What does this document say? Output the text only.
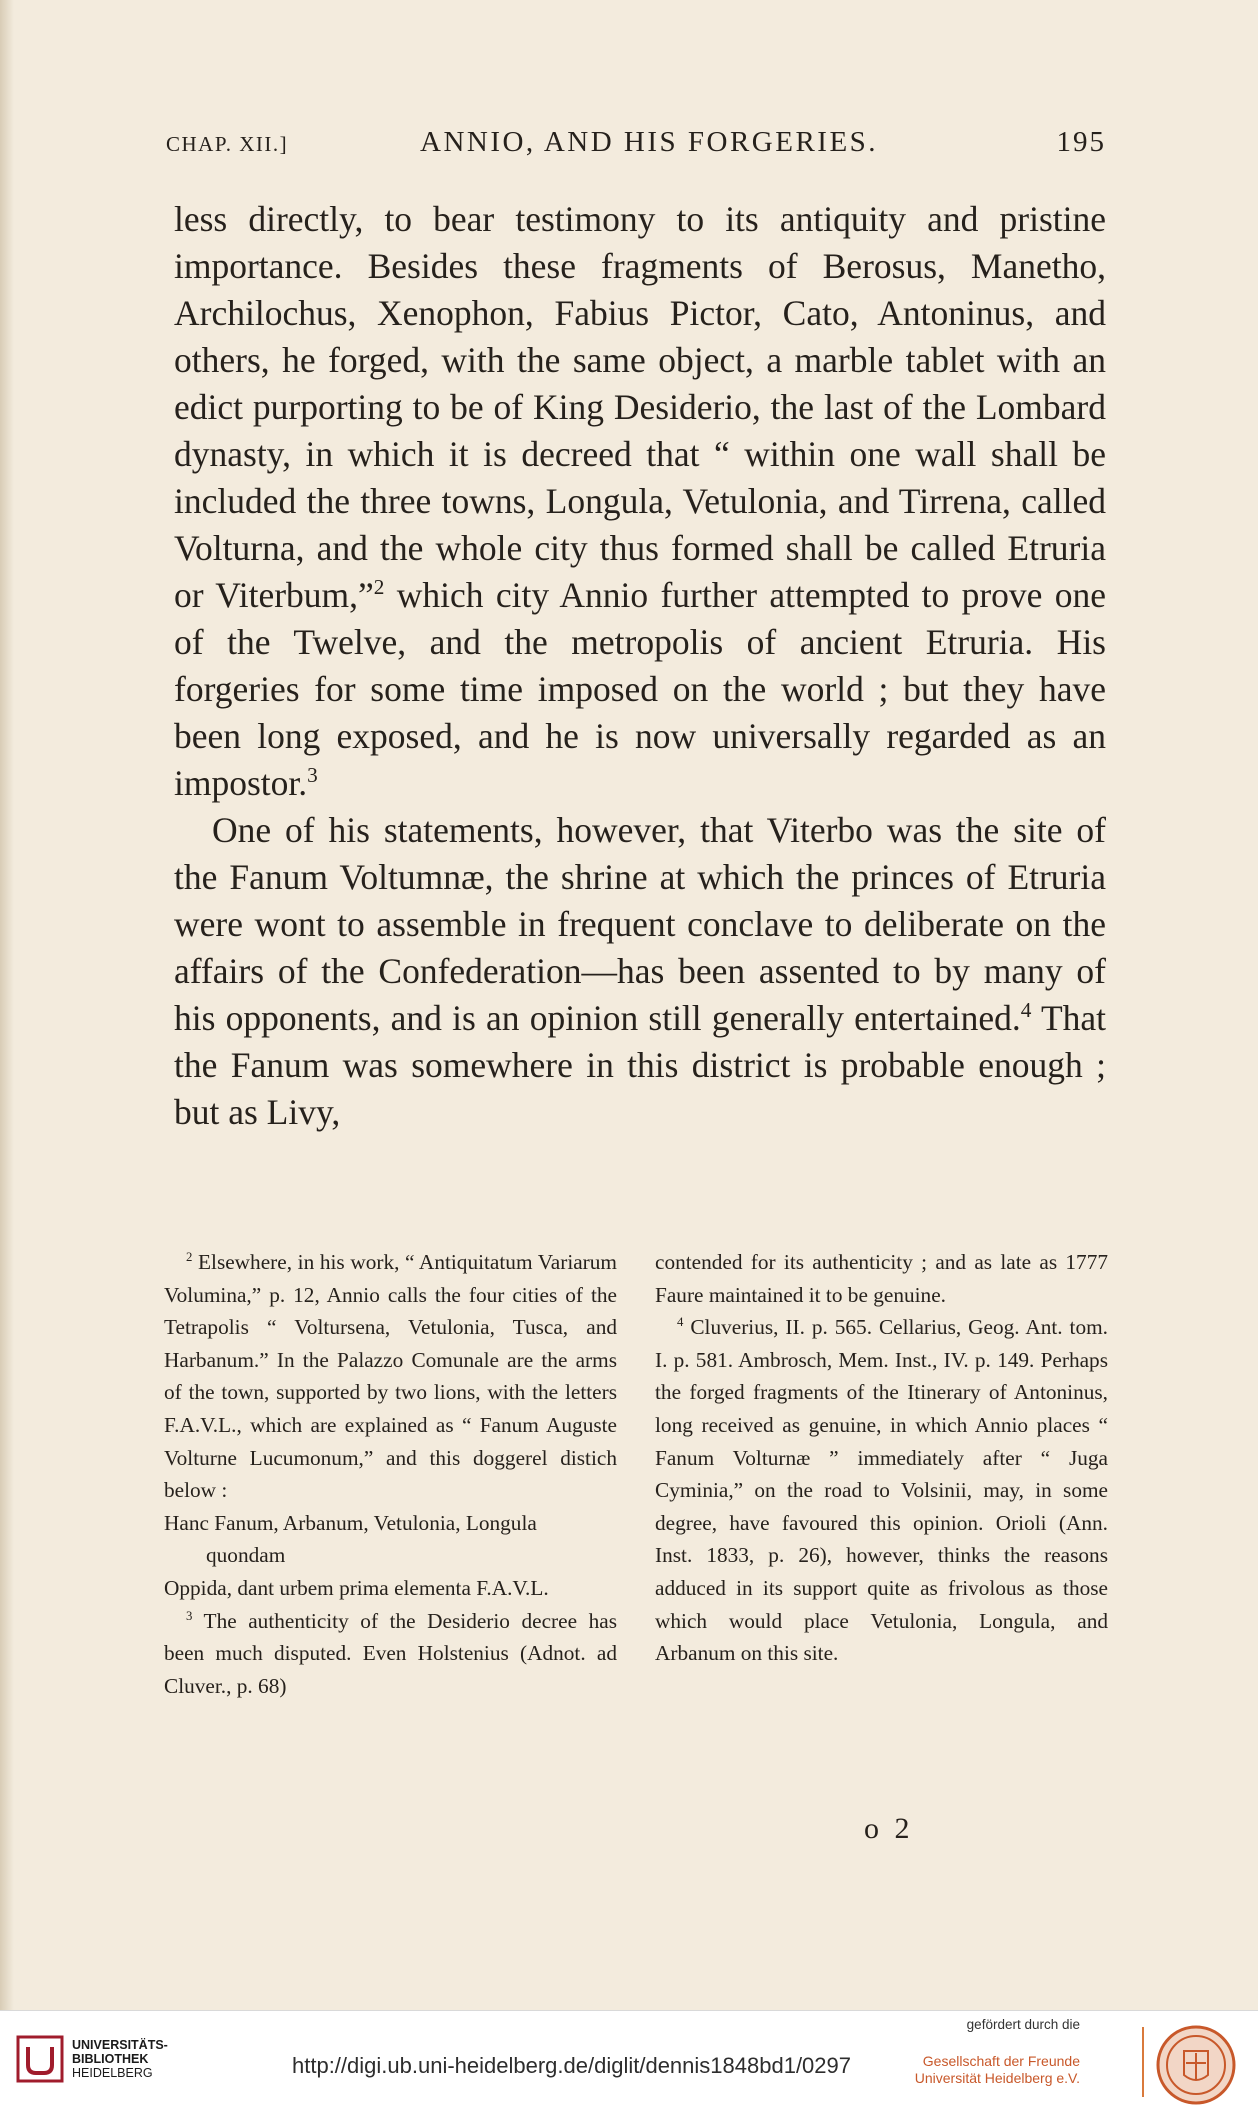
CHAP. XII.]	ANNIO, AND HIS FORGERIES.	195

less directly, to bear testimony to its antiquity and pristine importance. Besides these fragments of Berosus, Manetho, Archilochus, Xenophon, Fabius Pictor, Cato, Antoninus, and others, he forged, with the same object, a marble tablet with an edict purporting to be of King Desiderio, the last of the Lombard dynasty, in which it is decreed that “ within one wall shall be included the three towns, Longula, Vetulonia, and Tirrena, called Volturna, and the whole city thus formed shall be called Etruria or Viterbum,”$^2$ which city Annio further attempted to prove one of the Twelve, and the metropolis of ancient Etruria. His forgeries for some time imposed on the world ; but they have been long exposed, and he is now universally regarded as an impostor.$^3$

One of his statements, however, that Viterbo was the site of the Fanum Voltumnæ, the shrine at which the princes of Etruria were wont to assemble in frequent conclave to deliberate on the affairs of the Confederation—has been assented to by many of his opponents, and is an opinion still generally entertained.$^4$ That the Fanum was somewhere in this district is probable enough ; but as Livy,

$^2$ Elsewhere, in his work, “ Antiquitatum Variarum Volumina,” p. 12, Annio calls the four cities of the Tetrapolis “ Voltursena, Vetulonia, Tusca, and Harbanum.” In the Palazzo Comunale are the arms of the town, supported by two lions, with the letters F.A.V.L., which are explained as “ Fanum Auguste Volturne Lucumonum,” and this doggerel distich below :

Hanc Fanum, Arbanum, Vetulonia, Longula quondam

Oppida, dant urbem prima elementa F.A.V.L.

$^3$ The authenticity of the Desiderio decree has been much disputed. Even Holstenius (Adnot. ad Cluver., p. 68)

contended for its authenticity ; and as late as 1777 Faure maintained it to be genuine.

$^4$ Cluverius, II. p. 565. Cellarius, Geog. Ant. tom. I. p. 581. Ambrosch, Mem. Inst., IV. p. 149. Perhaps the forged fragments of the Itinerary of Antoninus, long received as genuine, in which Annio places “ Fanum Volturnæ ” immediately after “ Juga Cyminia,” on the road to Volsinii, may, in some degree, have favoured this opinion. Orioli (Ann. Inst. 1833, p. 26), however, thinks the reasons adduced in its support quite as frivolous as those which would place Vetulonia, Longula, and Arbanum on this site.

o 2
UNIVERSITÄTS-
BIBLIOTHEK
HEIDELBERG	http://digi.ub.uni-heidelberg.de/diglit/dennis1848bd1/0297
gefördert durch die
Gesellschaft der Freunde
Universität Heidelberg e.V.
